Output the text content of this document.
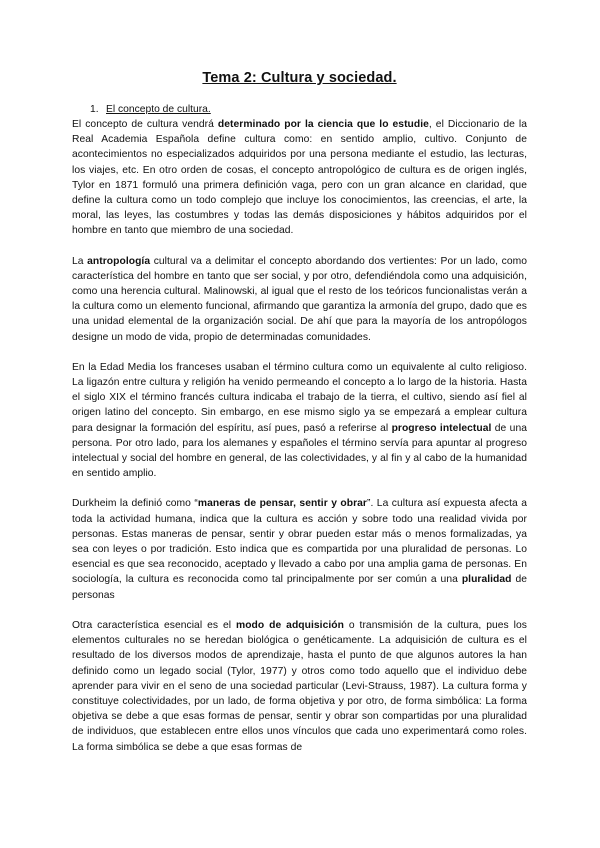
Tema 2: Cultura y sociedad.
1. El concepto de cultura.

El concepto de cultura vendrá determinado por la ciencia que lo estudie, el Diccionario de la Real Academia Española define cultura como: en sentido amplio, cultivo. Conjunto de acontecimientos no especializados adquiridos por una persona mediante el estudio, las lecturas, los viajes, etc. En otro orden de cosas, el concepto antropológico de cultura es de origen inglés, Tylor en 1871 formuló una primera definición vaga, pero con un gran alcance en claridad, que define la cultura como un todo complejo que incluye los conocimientos, las creencias, el arte, la moral, las leyes, las costumbres y todas las demás disposiciones y hábitos adquiridos por el hombre en tanto que miembro de una sociedad.

La antropología cultural va a delimitar el concepto abordando dos vertientes: Por un lado, como característica del hombre en tanto que ser social, y por otro, defendiéndola como una adquisición, como una herencia cultural. Malinowski, al igual que el resto de los teóricos funcionalistas verán a la cultura como un elemento funcional, afirmando que garantiza la armonía del grupo, dado que es una unidad elemental de la organización social. De ahí que para la mayoría de los antropólogos designe un modo de vida, propio de determinadas comunidades.

En la Edad Media los franceses usaban el término cultura como un equivalente al culto religioso. La ligazón entre cultura y religión ha venido permeando el concepto a lo largo de la historia. Hasta el siglo XIX el término francés cultura indicaba el trabajo de la tierra, el cultivo, siendo así fiel al origen latino del concepto. Sin embargo, en ese mismo siglo ya se empezará a emplear cultura para designar la formación del espíritu, así pues, pasó a referirse al progreso intelectual de una persona. Por otro lado, para los alemanes y españoles el término servía para apuntar al progreso intelectual y social del hombre en general, de las colectividades, y al fin y al cabo de la humanidad en sentido amplio.

Durkheim la definió como “maneras de pensar, sentir y obrar”. La cultura así expuesta afecta a toda la actividad humana, indica que la cultura es acción y sobre todo una realidad vivida por personas. Estas maneras de pensar, sentir y obrar pueden estar más o menos formalizadas, ya sea con leyes o por tradición. Esto indica que es compartida por una pluralidad de personas. Lo esencial es que sea reconocido, aceptado y llevado a cabo por una amplia gama de personas. En sociología, la cultura es reconocida como tal principalmente por ser común a una pluralidad de personas

Otra característica esencial es el modo de adquisición o transmisión de la cultura, pues los elementos culturales no se heredan biológica o genéticamente. La adquisición de cultura es el resultado de los diversos modos de aprendizaje, hasta el punto de que algunos autores la han definido como un legado social (Tylor, 1977) y otros como todo aquello que el individuo debe aprender para vivir en el seno de una sociedad particular (Levi-Strauss, 1987). La cultura forma y constituye colectividades, por un lado, de forma objetiva y por otro, de forma simbólica: La forma objetiva se debe a que esas formas de pensar, sentir y obrar son compartidas por una pluralidad de individuos, que establecen entre ellos unos vínculos que cada uno experimentará como roles. La forma simbólica se debe a que esas formas de
